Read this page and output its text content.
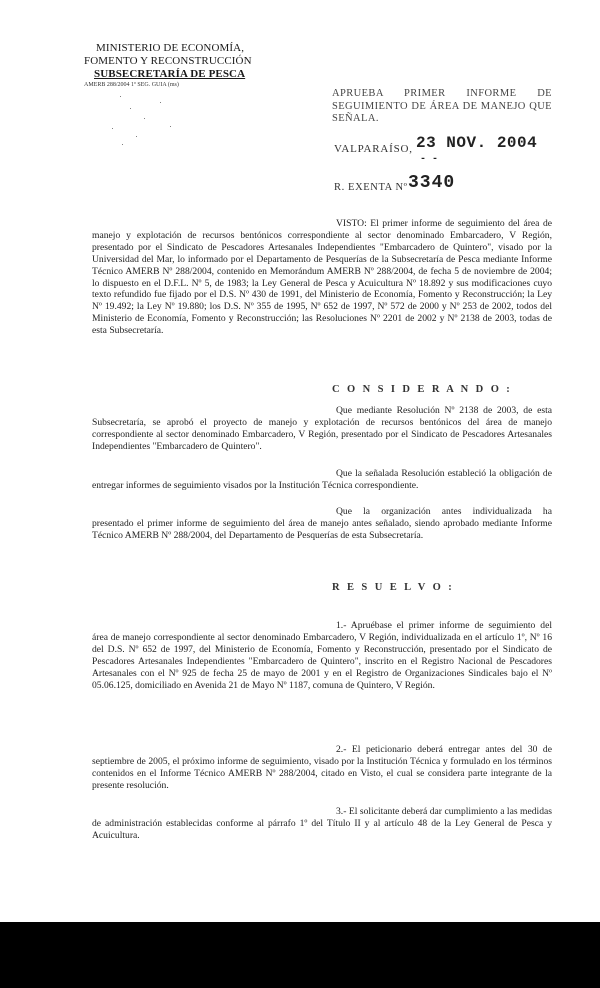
MINISTERIO DE ECONOMÍA,
FOMENTO Y RECONSTRUCCIÓN
SUBSECRETARÍA DE PESCA
AMERB 288/2004 1º SEG. GUIA (ms)
APRUEBA PRIMER INFORME DE
SEGUIMIENTO DE ÁREA DE MANEJO QUE
SEÑALA.
VALPARAÍSO, 23 NOV. 2004
- -
R. EXENTA Nº 3340
VISTO: El primer informe de seguimiento del área de manejo y explotación de recursos bentónicos correspondiente al sector denominado Embarcadero, V Región, presentado por el Sindicato de Pescadores Artesanales Independientes "Embarcadero de Quintero", visado por la Universidad del Mar, lo informado por el Departamento de Pesquerías de la Subsecretaría de Pesca mediante Informe Técnico AMERB Nº 288/2004, contenido en Memorándum AMERB Nº 288/2004, de fecha 5 de noviembre de 2004; lo dispuesto en el D.F.L. Nº 5, de 1983; la Ley General de Pesca y Acuicultura Nº 18.892 y sus modificaciones cuyo texto refundido fue fijado por el D.S. Nº 430 de 1991, del Ministerio de Economía, Fomento y Reconstrucción; la Ley Nº 19.492; la Ley Nº 19.880; los D.S. Nº 355 de 1995, Nº 652 de 1997, Nº 572 de 2000 y Nº 253 de 2002, todos del Ministerio de Economía, Fomento y Reconstrucción; las Resoluciones Nº 2201 de 2002 y Nº 2138 de 2003, todas de esta Subsecretaría.
C O N S I D E R A N D O :
Que mediante Resolución Nº 2138 de 2003, de esta Subsecretaría, se aprobó el proyecto de manejo y explotación de recursos bentónicos del área de manejo correspondiente al sector denominado Embarcadero, V Región, presentado por el Sindicato de Pescadores Artesanales Independientes "Embarcadero de Quintero".
Que la señalada Resolución estableció la obligación de entregar informes de seguimiento visados por la Institución Técnica correspondiente.
Que la organización antes individualizada ha presentado el primer informe de seguimiento del área de manejo antes señalado, siendo aprobado mediante Informe Técnico AMERB Nº 288/2004, del Departamento de Pesquerías de esta Subsecretaría.
R E S U E L V O :
1.- Apruébase el primer informe de seguimiento del área de manejo correspondiente al sector denominado Embarcadero, V Región, individualizada en el artículo 1º, Nº 16 del D.S. Nº 652 de 1997, del Ministerio de Economía, Fomento y Reconstrucción, presentado por el Sindicato de Pescadores Artesanales Independientes "Embarcadero de Quintero", inscrito en el Registro Nacional de Pescadores Artesanales con el Nº 925 de fecha 25 de mayo de 2001 y en el Registro de Organizaciones Sindicales bajo el Nº 05.06.125, domiciliado en Avenida 21 de Mayo Nº 1187, comuna de Quintero, V Región.
2.- El peticionario deberá entregar antes del 30 de septiembre de 2005, el próximo informe de seguimiento, visado por la Institución Técnica y formulado en los términos contenidos en el Informe Técnico AMERB Nº 288/2004, citado en Visto, el cual se considera parte integrante de la presente resolución.
3.- El solicitante deberá dar cumplimiento a las medidas de administración establecidas conforme al párrafo 1º del Título II y al artículo 48 de la Ley General de Pesca y Acuicultura.
